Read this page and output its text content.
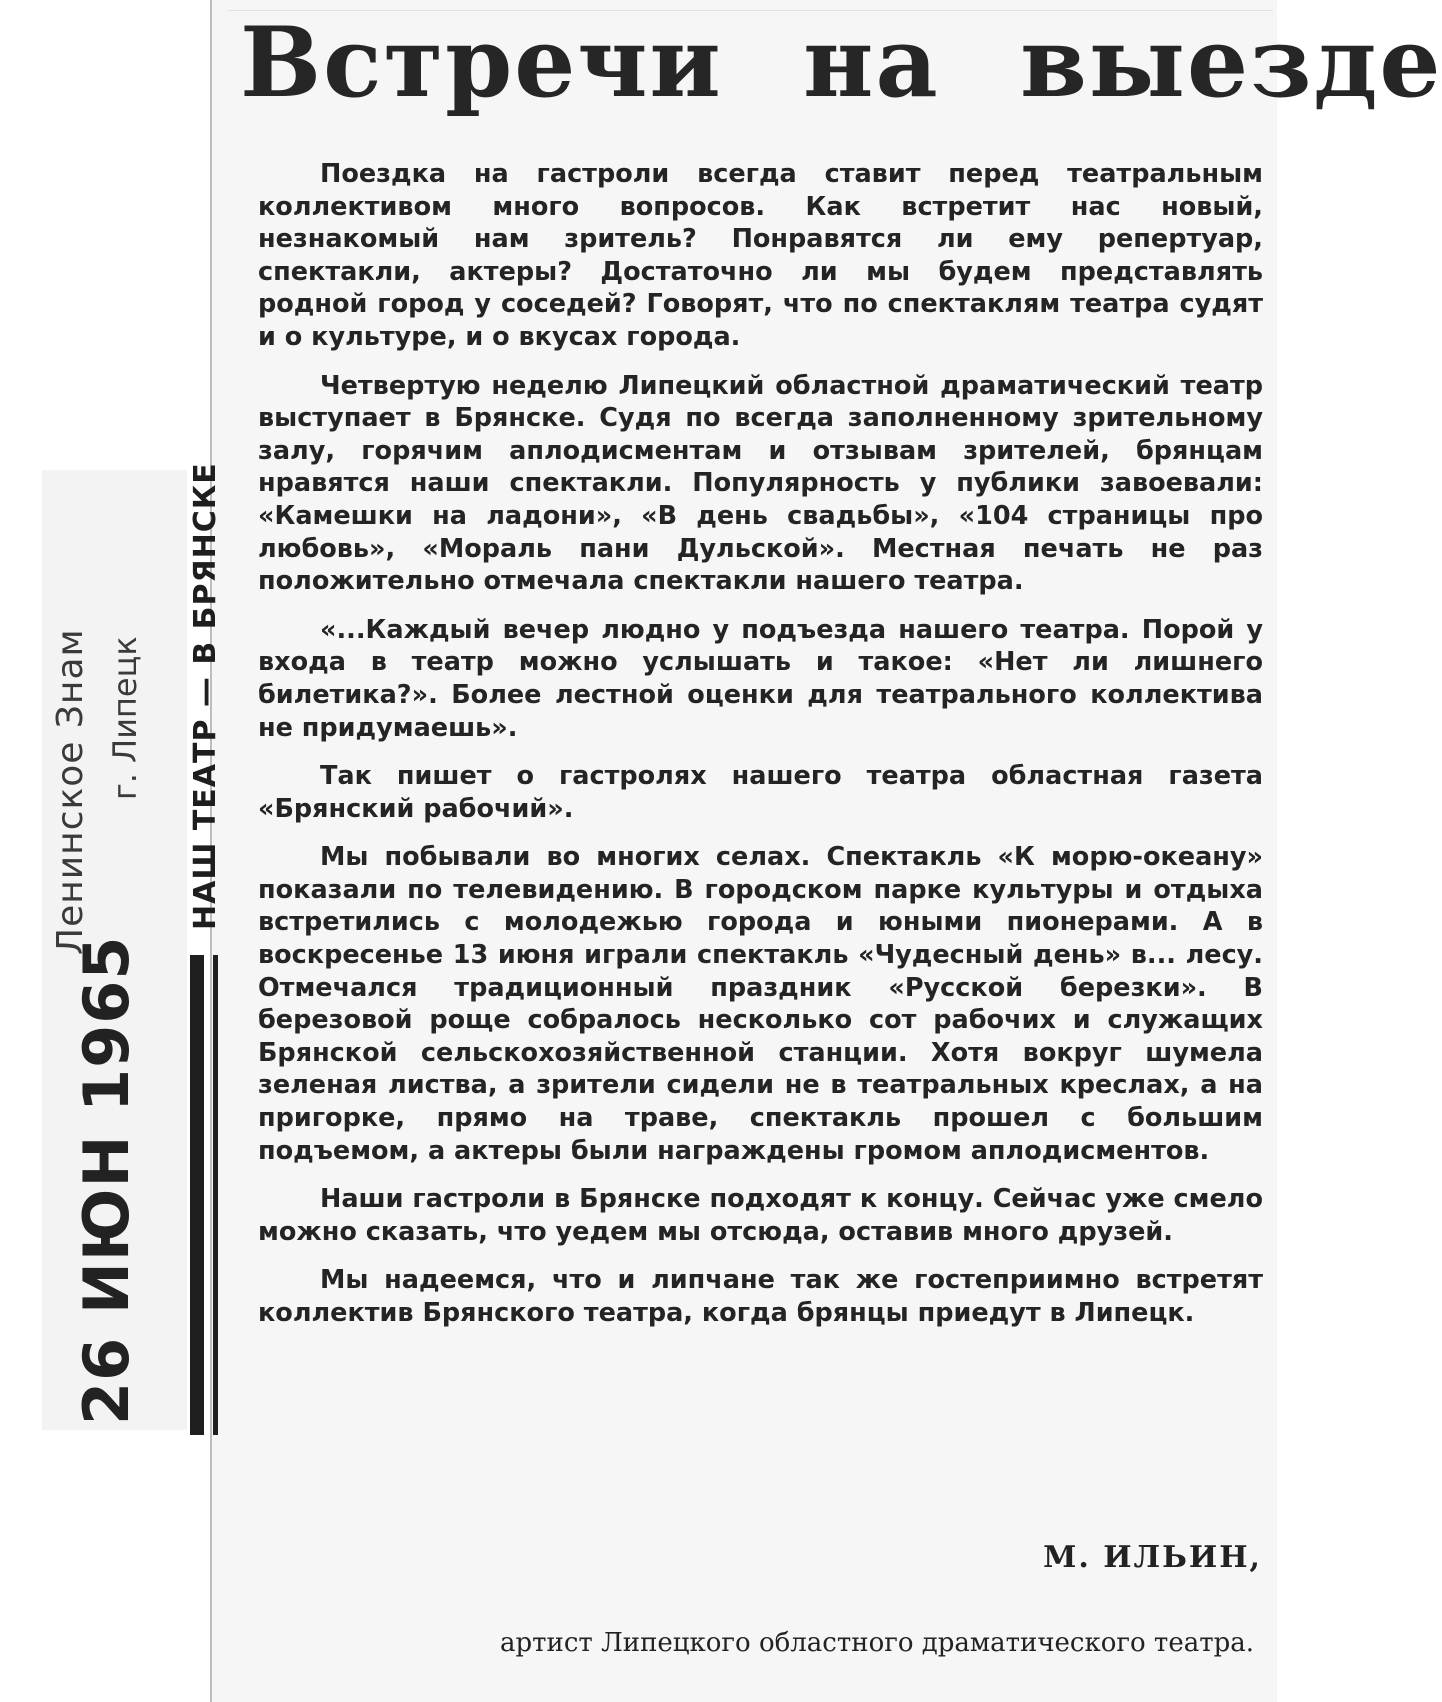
Ленинское Знам г. Липецк
26 ИЮН 1965
Встречи на выезде
НАШ ТЕАТР — В БРЯНСКЕ

Поездка на гастроли всегда ставит перед театральным коллективом много вопросов. Как встретит нас новый, незнакомый нам зритель? Понравятся ли ему репертуар, спектакли, актеры? Достаточно ли мы будем представлять родной город у соседей? Говорят, что по спектаклям театра судят и о культуре, и о вкусах города.

Четвертую неделю Липецкий областной драматический театр выступает в Брянске. Судя по всегда заполненному зрительному залу, горячим аплодисментам и отзывам зрителей, брянцам нравятся наши спектакли. Популярность у публики завоевали: «Камешки на ладони», «В день свадьбы», «104 страницы про любовь», «Мораль пани Дульской». Местная печать не раз положительно отмечала спектакли нашего театра.

«...Каждый вечер людно у подъезда нашего театра. Порой у входа в театр можно услышать и такое: «Нет ли лишнего билетика?». Более лестной оценки для театрального коллектива не придумаешь».

Так пишет о гастролях нашего театра областная газета «Брянский рабочий».

Мы побывали во многих селах. Спектакль «К морю-океану» показали по телевидению. В городском парке культуры и отдыха встретились с молодежью города и юными пионерами. А в воскресенье 13 июня играли спектакль «Чудесный день» в... лесу. Отмечался традиционный праздник «Русской березки». В березовой роще собралось несколько сот рабочих и служащих Брянской сельскохозяйственной станции. Хотя вокруг шумела зеленая листва, а зрители сидели не в театральных креслах, а на пригорке, прямо на траве, спектакль прошел с большим подъемом, а актеры были награждены громом аплодисментов.

Наши гастроли в Брянске подходят к концу. Сейчас уже смело можно сказать, что уедем мы отсюда, оставив много друзей.

Мы надеемся, что и липчане так же гостеприимно встретят коллектив Брянского театра, когда брянцы приедут в Липецк.

М. ИЛЬИН,
артист Липецкого областного драматического театра.
